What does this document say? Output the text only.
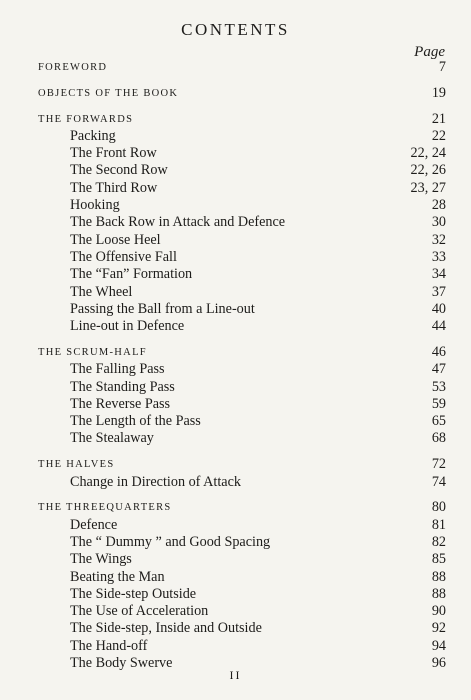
CONTENTS
Page
FOREWORD	7
OBJECTS OF THE BOOK	19
THE FORWARDS	21
Packing	22
The Front Row	22, 24
The Second Row	22, 26
The Third Row	23, 27
Hooking	28
The Back Row in Attack and Defence	30
The Loose Heel	32
The Offensive Fall	33
The “Fan” Formation	34
The Wheel	37
Passing the Ball from a Line-out	40
Line-out in Defence	44
THE SCRUM-HALF	46
The Falling Pass	47
The Standing Pass	53
The Reverse Pass	59
The Length of the Pass	65
The Stealaway	68
THE HALVES	72
Change in Direction of Attack	74
THE THREEQUARTERS	80
Defence	81
The “ Dummy ” and Good Spacing	82
The Wings	85
Beating the Man	88
The Side-step Outside	88
The Use of Acceleration	90
The Side-step, Inside and Outside	92
The Hand-off	94
The Body Swerve	96
II
